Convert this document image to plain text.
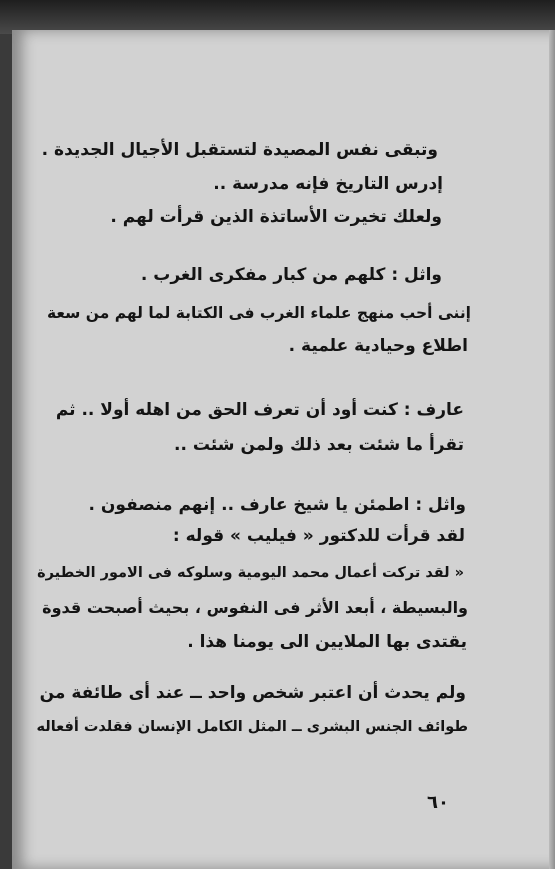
وتبقى نفس المصيدة لتستقبل الأجيال الجديدة .
إدرس التاريخ فإنه مدرسة ..
ولعلك تخيرت الأساتذة الذين قرأت لهم .
واثل : كلهم من كبار مفكرى الغرب .
إننى أحب منهج علماء الغرب فى الكتابة لما لهم من سعة
اطلاع وحيادية علمية .
عارف : كنت أود أن تعرف الحق من اهله أولا .. ثم
تقرأ ما شئت بعد ذلك ولمن شئت ..
واثل : اطمئن يا شيخ عارف .. إنهم منصفون .
لقد قرأت للدكتور « فيليب » قوله :
« لقد تركت أعمال محمد اليومية وسلوكه فى الامور الخطيرة
والبسيطة ، أبعد الأثر فى النفوس ، بحيث أصبحت قدوة
يقتدى بها الملايين الى يومنا هذا .
ولم يحدث أن اعتبر شخص واحد ــ عند أى طائفة من
طوائف الجنس البشرى ــ المثل الكامل الإنسان فقلدت أفعاله
٦٠
